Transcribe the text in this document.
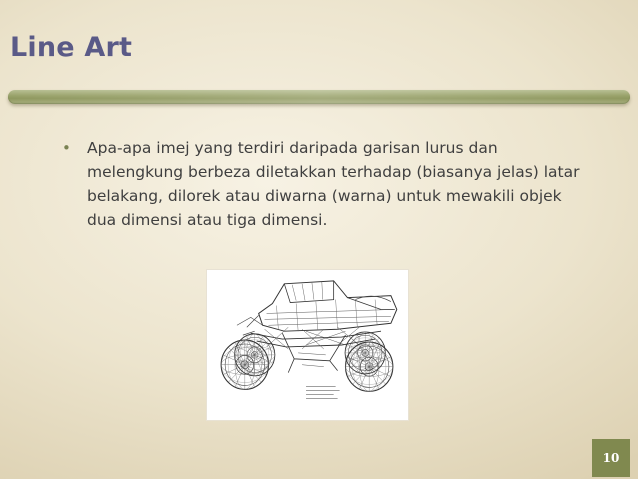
Line Art
• Apa-apa imej yang terdiri daripada garisan lurus dan melengkung berbeza diletakkan terhadap (biasanya jelas) latar belakang, dilorek atau diwarna (warna) untuk mewakili objek dua dimensi atau tiga dimensi.
10
